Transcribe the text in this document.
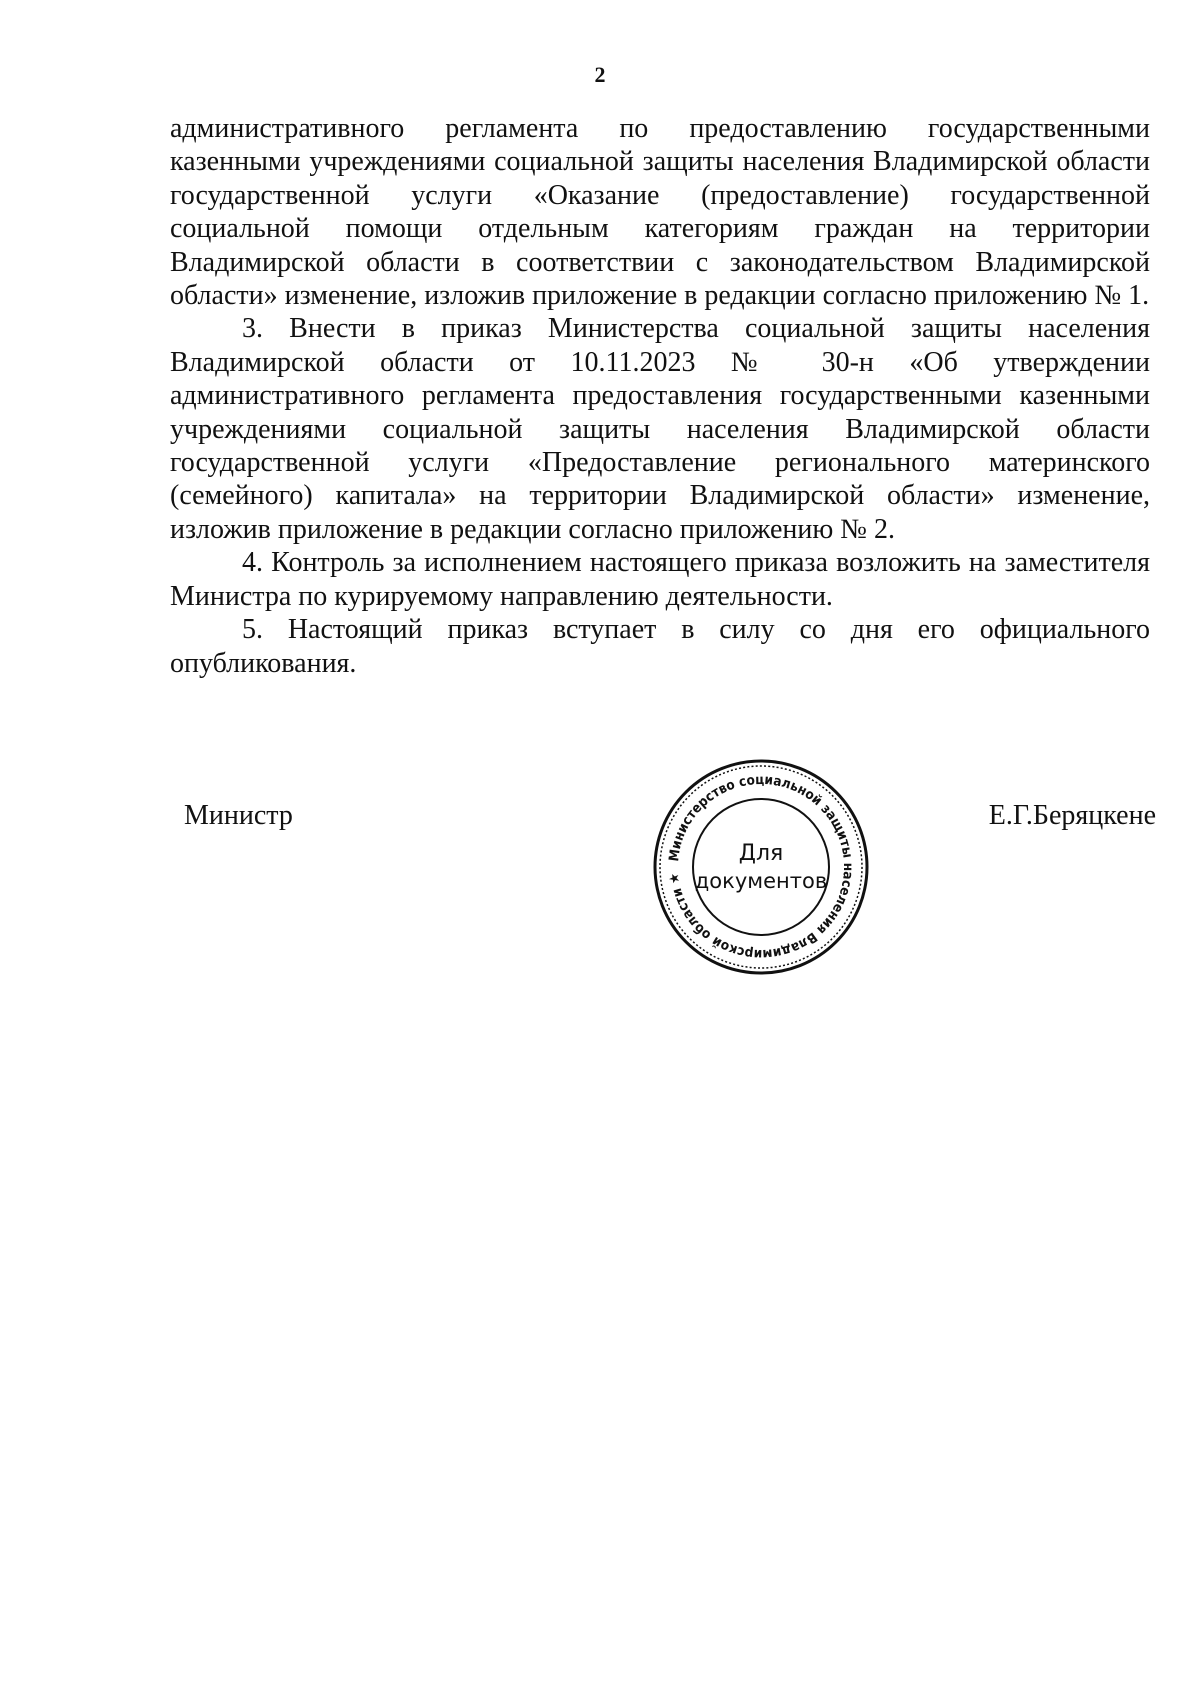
2

административного регламента по предоставлению государственными казенными учреждениями социальной защиты населения Владимирской области государственной услуги «Оказание (предоставление) государственной социальной помощи отдельным категориям граждан на территории Владимирской области в соответствии с законодательством Владимирской области» изменение, изложив приложение в редакции согласно приложению № 1.

3. Внести в приказ Министерства социальной защиты населения Владимирской области от 10.11.2023 № 30-н «Об утверждении административного регламента предоставления государственными казенными учреждениями социальной защиты населения Владимирской области государственной услуги «Предоставление регионального материнского (семейного) капитала» на территории Владимирской области» изменение, изложив приложение в редакции согласно приложению № 2.

4. Контроль за исполнением настоящего приказа возложить на заместителя Министра по курируемому направлению деятельности.

5. Настоящий приказ вступает в силу со дня его официального опубликования.

Министр
Министерство социальной защиты населения Владимирской области ★
Для
документов
Е.Г.Беряцкене
